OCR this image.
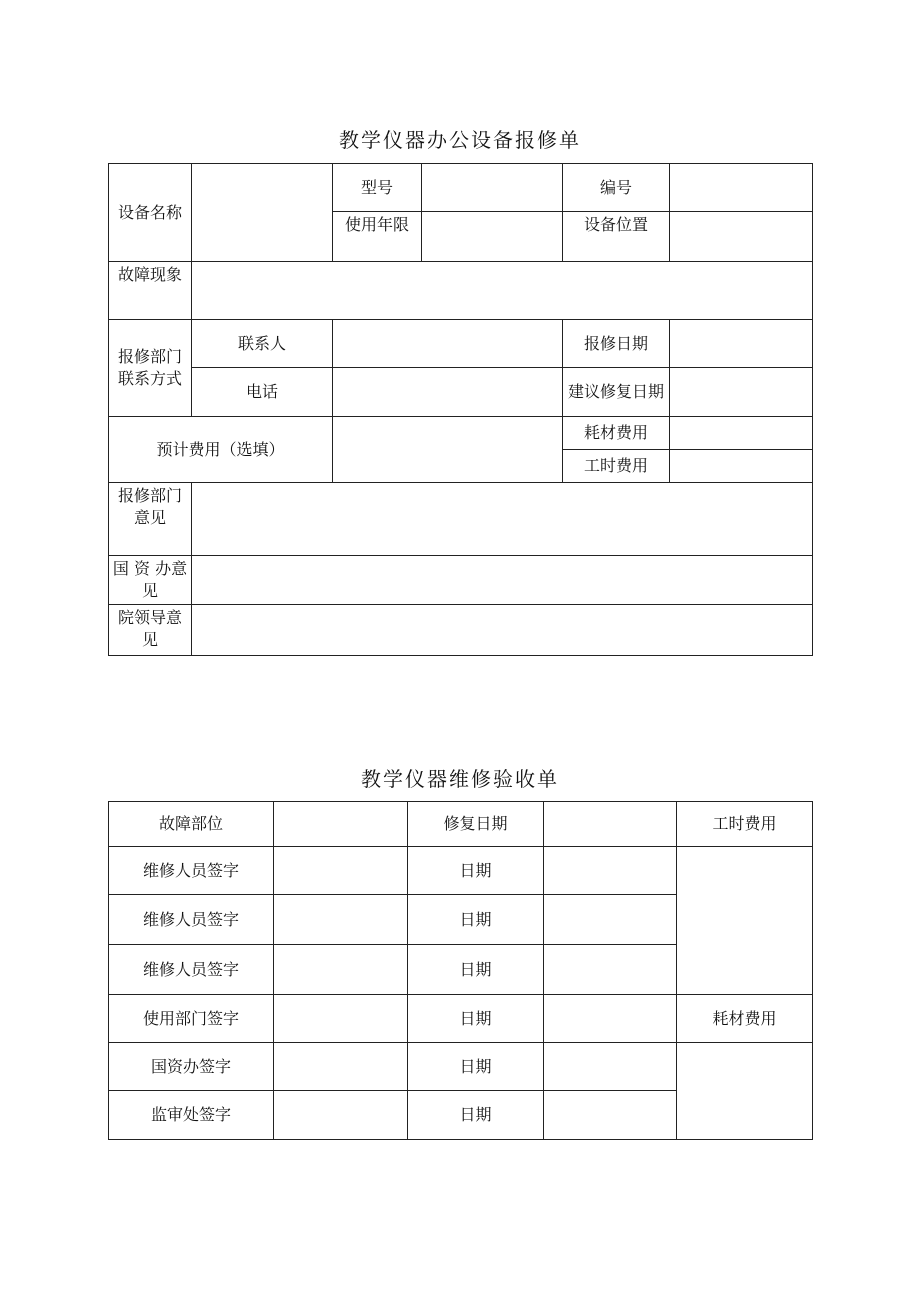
教学仪器办公设备报修单
设备名称		型号		编号	
		使用年限		设备位置	
故障现象					
报修部门联系方式	联系人			报修日期	
	电话			建议修复日期	
预计费用（选填）				耗材费用	
				工时费用	
报修部门意见					
国 资 办意见					
院领导意见					
教学仪器维修验收单
故障部位		修复日期		工时费用
维修人员签字		日期		
维修人员签字		日期		
维修人员签字		日期		
使用部门签字		日期		耗材费用
国资办签字		日期		
监审处签字		日期		
